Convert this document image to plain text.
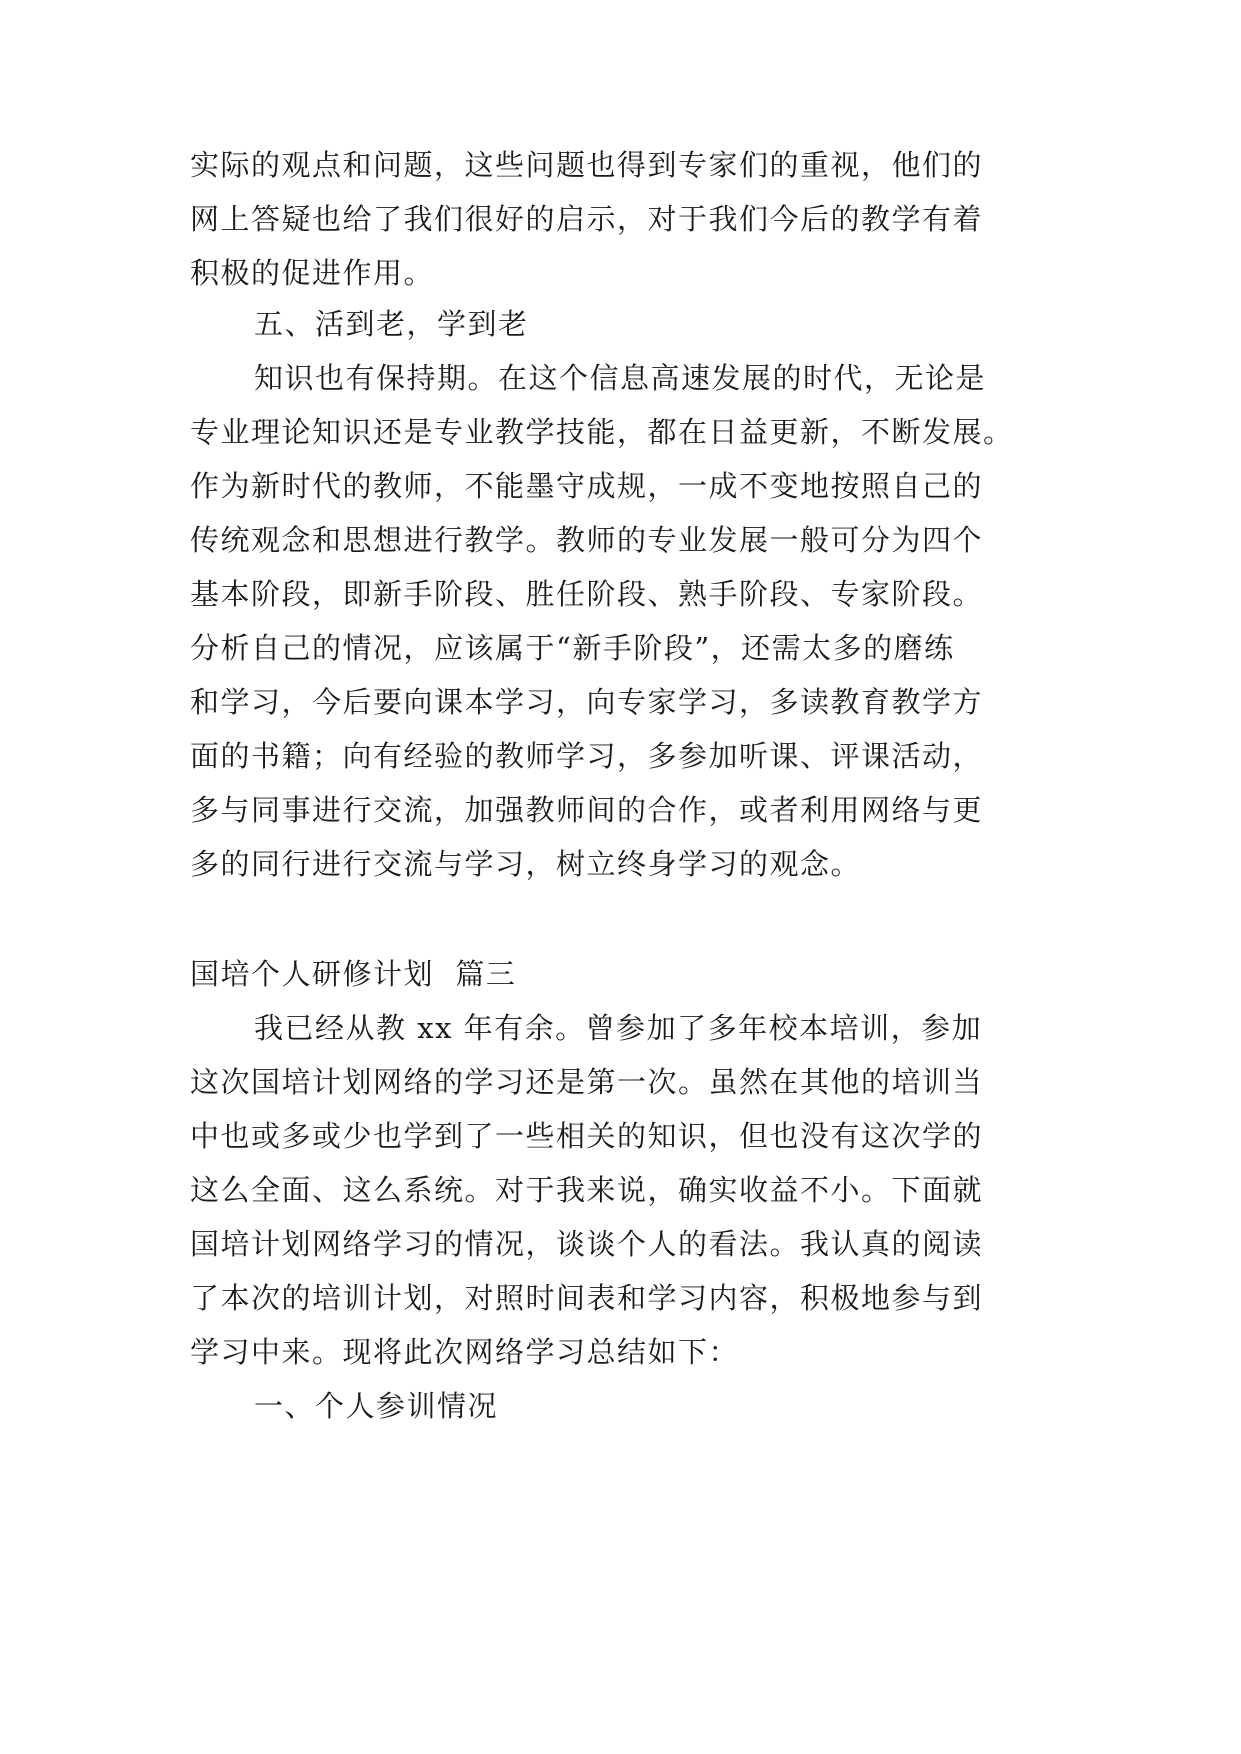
实际的观点和问题，这些问题也得到专家们的重视，他们的
网上答疑也给了我们很好的启示，对于我们今后的教学有着
积极的促进作用。
五、活到老，学到老
知识也有保持期。在这个信息高速发展的时代，无论是
专业理论知识还是专业教学技能，都在日益更新，不断发展。
作为新时代的教师，不能墨守成规，一成不变地按照自己的
传统观念和思想进行教学。教师的专业发展一般可分为四个
基本阶段，即新手阶段、胜任阶段、熟手阶段、专家阶段。
分析自己的情况，应该属于“新手阶段”，还需太多的磨练
和学习，今后要向课本学习，向专家学习，多读教育教学方
面的书籍；向有经验的教师学习，多参加听课、评课活动，
多与同事进行交流，加强教师间的合作，或者利用网络与更
多的同行进行交流与学习，树立终身学习的观念。
国培个人研修计划  篇三
我已经从教 xx 年有余。曾参加了多年校本培训，参加
这次国培计划网络的学习还是第一次。虽然在其他的培训当
中也或多或少也学到了一些相关的知识，但也没有这次学的
这么全面、这么系统。对于我来说，确实收益不小。下面就
国培计划网络学习的情况，谈谈个人的看法。我认真的阅读
了本次的培训计划，对照时间表和学习内容，积极地参与到
学习中来。现将此次网络学习总结如下：
一、个人参训情况
